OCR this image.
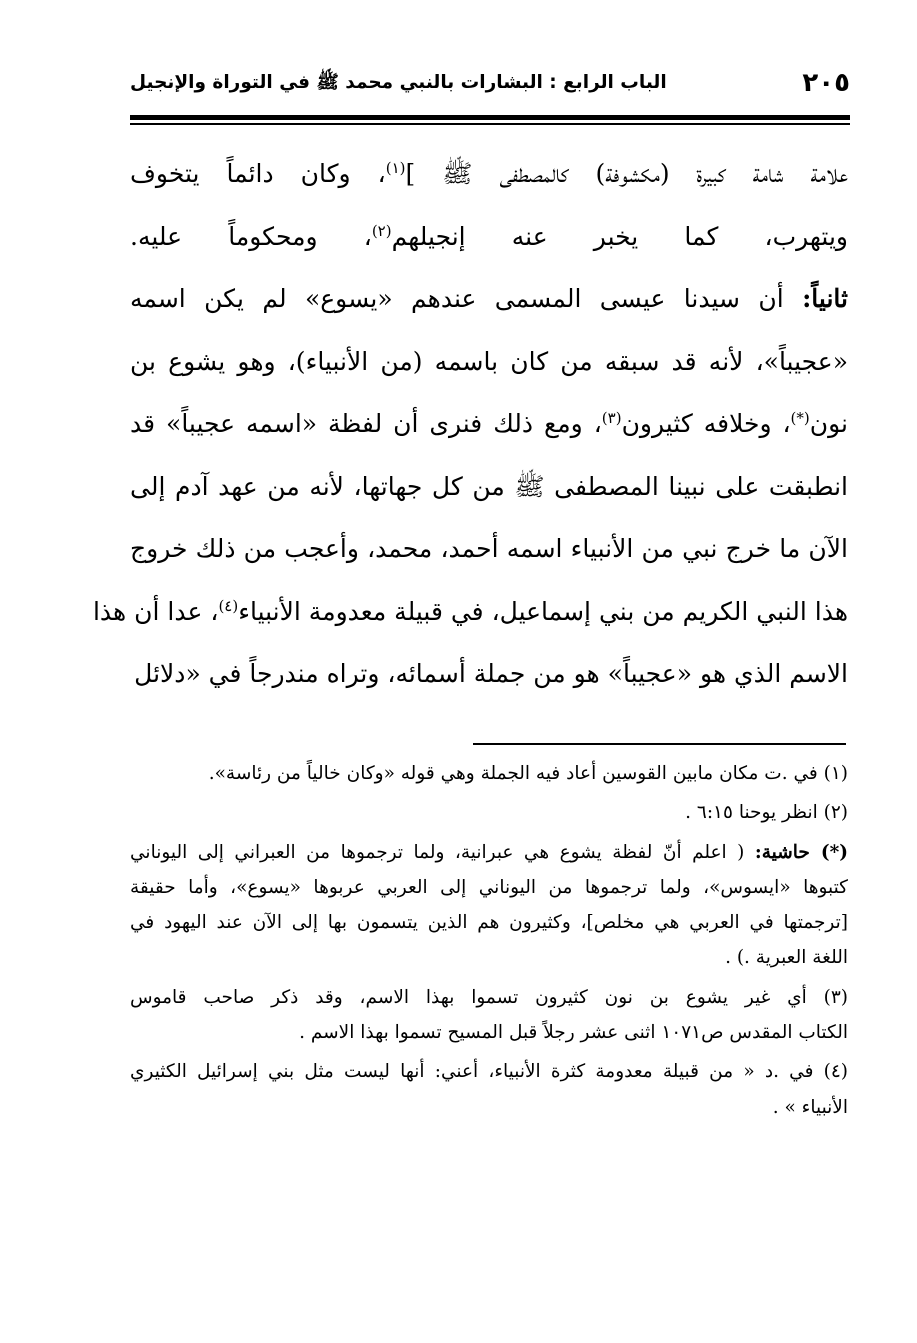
٢٠٥
الباب الرابع : البشارات بالنبي محمد ﷺ في التوراة والإنجيل
علامة شامة كبيرة (مكشوفة) كالمصطفى ﷺ ]$^{(١)}$، وكان دائماً يتخوف
ويتهرب، كما يخبر عنه إنجيلهم$^{(٢)}$، ومحكوماً عليه.
ثانياً: أن سيدنا عيسى المسمى عندهم «يسوع» لم يكن اسمه
«عجيباً»، لأنه قد سبقه من كان باسمه (من الأنبياء)، وهو يشوع بن
نون(*)، وخلافه كثيرون$^{(٣)}$، ومع ذلك فنرى أن لفظة «اسمه عجيباً» قد
انطبقت على نبينا المصطفى ﷺ من كل جهاتها، لأنه من عهد آدم إلى
الآن ما خرج نبي من الأنبياء اسمه أحمد، محمد، وأعجب من ذلك خروج
هذا النبي الكريم من بني إسماعيل، في قبيلة معدومة الأنبياء$^{(٤)}$، عدا أن هذا
الاسم الذي هو «عجيباً» هو من جملة أسمائه، وتراه مندرجاً في «دلائل
(١) في .ت مكان مابين القوسين أعاد فيه الجملة وهي قوله «وكان خالياً من رئاسة».
(٢) انظر يوحنا ٦:١٥ .
(*) حاشية: ( اعلم أنّ لفظة يشوع هي عبرانية، ولما ترجموها من العبراني إلى اليوناني
كتبوها «ايسوس»، ولما ترجموها من اليوناني إلى العربي عربوها «يسوع»، وأما حقيقة
[ترجمتها في العربي هي مخلص]، وكثيرون هم الذين يتسمون بها إلى الآن عند اليهود في
اللغة العبرية .) .
(٣) أي غير يشوع بن نون كثيرون تسموا بهذا الاسم، وقد ذكر صاحب قاموس
الكتاب المقدس ص١٠٧١ اثنى عشر رجلاً قبل المسيح تسموا بهذا الاسم .
(٤) في .د « من قبيلة معدومة كثرة الأنبياء، أعني: أنها ليست مثل بني إسرائيل الكثيري
الأنبياء » .
